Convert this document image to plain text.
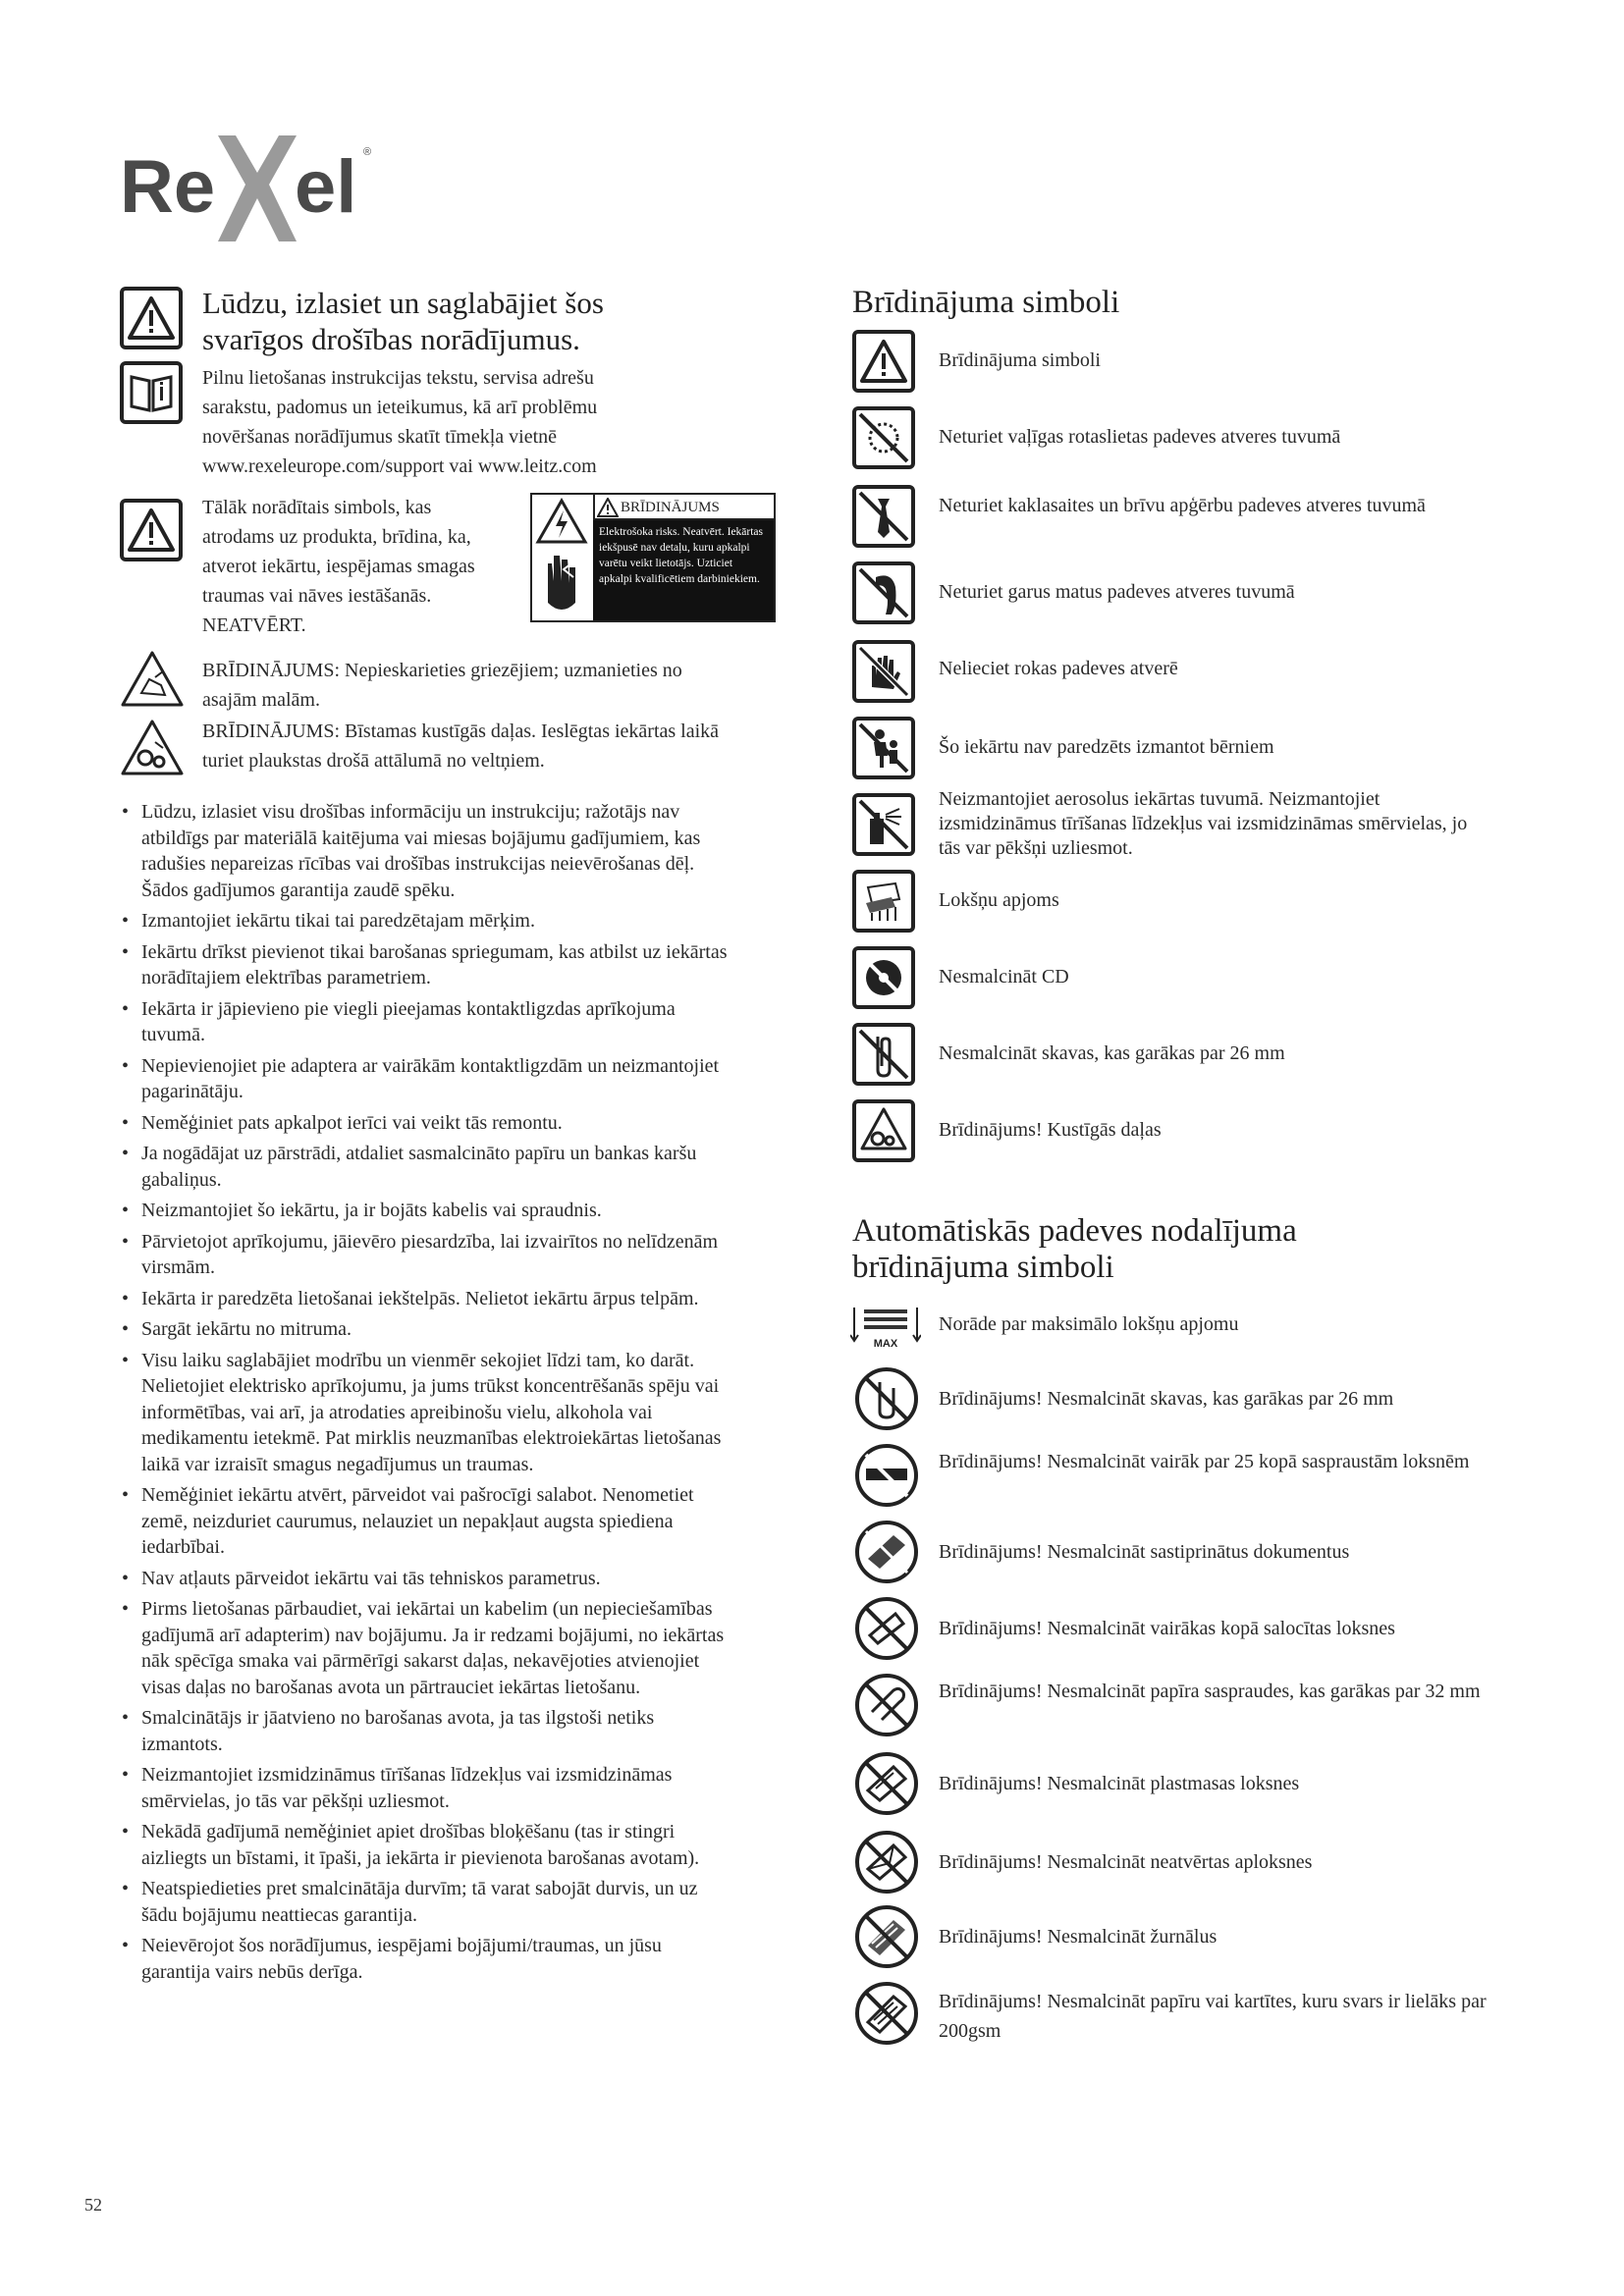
Re el ®
Lūdzu, izlasiet un saglabājiet šos svarīgos drošības norādījumus.
Pilnu lietošanas instrukcijas tekstu, servisa adrešu sarakstu, padomus un ieteikumus, kā arī problēmu novēršanas norādījumus skatīt tīmekļa vietnē www.rexeleurope.com/support vai www.leitz.com
Tālāk norādītais simbols, kas atrodams uz produkta, brīdina, ka, atverot iekārtu, iespējamas smagas traumas vai nāves iestāšanās. NEATVĒRT.
BRĪDINĀJUMS
Elektrošoka risks. Neatvērt. Iekārtas iekšpusē nav detaļu, kuru apkalpi varētu veikt lietotājs. Uzticiet apkalpi kvalificētiem darbiniekiem.
BRĪDINĀJUMS: Nepieskarieties griezējiem; uzmanieties no asajām malām.
BRĪDINĀJUMS: Bīstamas kustīgās daļas. Ieslēgtas iekārtas laikā turiet plaukstas drošā attālumā no veltņiem.
• Lūdzu, izlasiet visu drošības informāciju un instrukciju; ražotājs nav atbildīgs par materiālā kaitējuma vai miesas bojājumu gadījumiem, kas radušies nepareizas rīcības vai drošības instrukcijas neievērošanas dēļ. Šādos gadījumos garantija zaudē spēku.
• Izmantojiet iekārtu tikai tai paredzētajam mērķim.
• Iekārtu drīkst pievienot tikai barošanas spriegumam, kas atbilst uz iekārtas norādītajiem elektrības parametriem.
• Iekārta ir jāpievieno pie viegli pieejamas kontaktligzdas aprīkojuma tuvumā.
• Nepievienojiet pie adaptera ar vairākām kontaktligzdām un neizmantojiet pagarinātāju.
• Neměģiniet pats apkalpot ierīci vai veikt tās remontu.
• Ja nogādājat uz pārstrādi, atdaliet sasmalcināto papīru un bankas karšu gabaliņus.
• Neizmantojiet šo iekārtu, ja ir bojāts kabelis vai spraudnis.
• Pārvietojot aprīkojumu, jāievēro piesardzība, lai izvairītos no nelīdzenām virsmām.
• Iekārta ir paredzēta lietošanai iekštelpās. Nelietot iekārtu ārpus telpām.
• Sargāt iekārtu no mitruma.
• Visu laiku saglabājiet modrību un vienmēr sekojiet līdzi tam, ko darāt. Nelietojiet elektrisko aprīkojumu, ja jums trūkst koncentrēšanās spēju vai informētības, vai arī, ja atrodaties apreibinošu vielu, alkohola vai medikamentu ietekmē. Pat mirklis neuzmanības elektroiekārtas lietošanas laikā var izraisīt smagus negadījumus un traumas.
• Neměģiniet iekārtu atvērt, pārveidot vai pašrocīgi salabot. Nenometiet zemē, neizduriet caurumus, nelauziet un nepakļaut augsta spiediena iedarbībai.
• Nav atļauts pārveidot iekārtu vai tās tehniskos parametrus.
• Pirms lietošanas pārbaudiet, vai iekārtai un kabelim (un nepieciešamības gadījumā arī adapterim) nav bojājumu. Ja ir redzami bojājumi, no iekārtas nāk spēcīga smaka vai pārmērīgi sakarst daļas, nekavējoties atvienojiet visas daļas no barošanas avota un pārtrauciet iekārtas lietošanu.
• Smalcinātājs ir jāatvieno no barošanas avota, ja tas ilgstoši netiks izmantots.
• Neizmantojiet izsmidzināmus tīrīšanas līdzekļus vai izsmidzināmas smērvielas, jo tās var pēkšņi uzliesmot.
• Nekādā gadījumā neměģiniet apiet drošības bloķēšanu (tas ir stingri aizliegts un bīstami, it īpaši, ja iekārta ir pievienota barošanas avotam).
• Neatspiedieties pret smalcinātāja durvīm; tā varat sabojāt durvis, un uz šādu bojājumu neattiecas garantija.
• Neievērojot šos norādījumus, iespējami bojājumi/traumas, un jūsu garantija vairs nebūs derīga.
Brīdinājuma simboli
Brīdinājuma simboli
Neturiet vaļīgas rotaslietas padeves atveres tuvumā
Neturiet kaklasaites un brīvu apģērbu padeves atveres tuvumā
Neturiet garus matus padeves atveres tuvumā
Nelieciet rokas padeves atverē
Šo iekārtu nav paredzēts izmantot bērniem
Neizmantojiet aerosolus iekārtas tuvumā. Neizmantojiet izsmidzināmus tīrīšanas līdzekļus vai izsmidzināmas smērvielas, jo tās var pēkšņi uzliesmot.
Lokšņu apjoms
Nesmalcināt CD
Nesmalcināt skavas, kas garākas par 26 mm
Brīdinājums! Kustīgās daļas
Automātiskās padeves nodalījuma brīdinājuma simboli
MAX
Norāde par maksimālo lokšņu apjomu
Brīdinājums! Nesmalcināt skavas, kas garākas par 26 mm
Brīdinājums! Nesmalcināt vairāk par 25 kopā saspraustām loksnēm
Brīdinājums! Nesmalcināt sastiprinātus dokumentus
Brīdinājums! Nesmalcināt vairākas kopā salocītas loksnes
Brīdinājums! Nesmalcināt papīra saspraudes, kas garākas par 32 mm
Brīdinājums! Nesmalcināt plastmasas loksnes
Brīdinājums! Nesmalcināt neatvērtas aploksnes
Brīdinājums! Nesmalcināt žurnālus
Brīdinājums! Nesmalcināt papīru vai kartītes, kuru svars ir lielāks par 200gsm
52
